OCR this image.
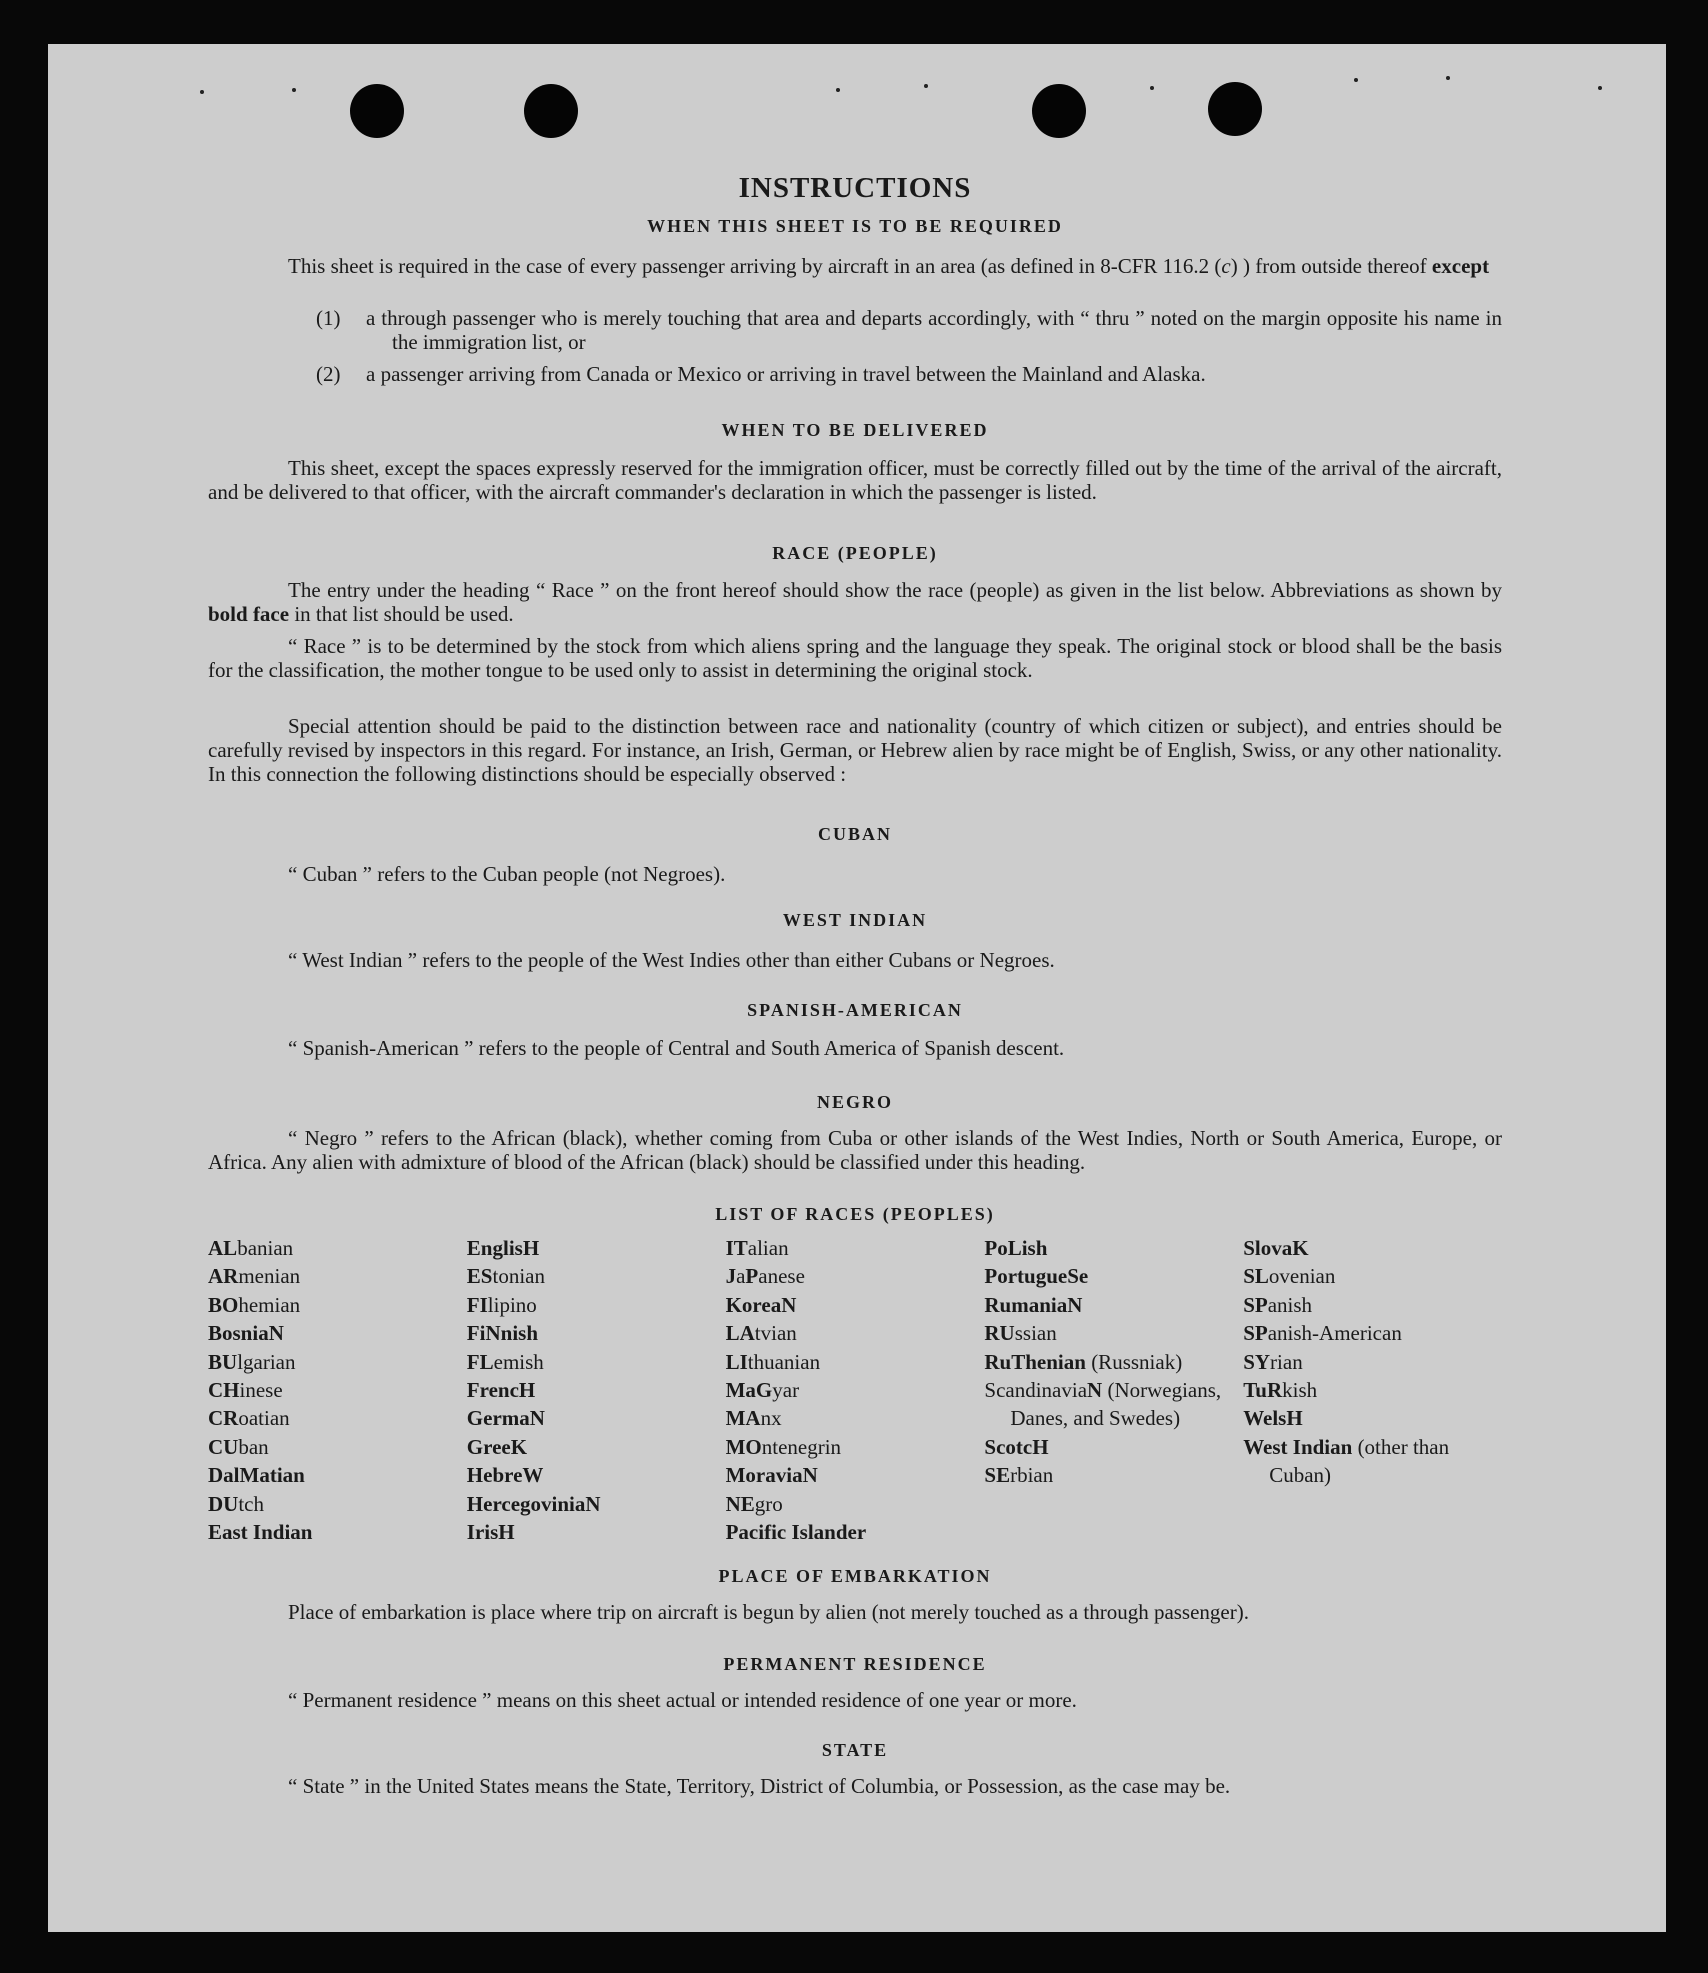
INSTRUCTIONS
WHEN THIS SHEET IS TO BE REQUIRED
This sheet is required in the case of every passenger arriving by aircraft in an area (as defined in 8-CFR 116.2 (c) ) from outside thereof except
(1) a through passenger who is merely touching that area and departs accordingly, with “ thru ” noted on the margin opposite his name in the immigration list, or
(2) a passenger arriving from Canada or Mexico or arriving in travel between the Mainland and Alaska.
WHEN TO BE DELIVERED
This sheet, except the spaces expressly reserved for the immigration officer, must be correctly filled out by the time of the arrival of the aircraft, and be delivered to that officer, with the aircraft commander's declaration in which the passenger is listed.
RACE (PEOPLE)
The entry under the heading “ Race ” on the front hereof should show the race (people) as given in the list below. Abbreviations as shown by bold face in that list should be used.
“ Race ” is to be determined by the stock from which aliens spring and the language they speak. The original stock or blood shall be the basis for the classification, the mother tongue to be used only to assist in determining the original stock.
Special attention should be paid to the distinction between race and nationality (country of which citizen or subject), and entries should be carefully revised by inspectors in this regard. For instance, an Irish, German, or Hebrew alien by race might be of English, Swiss, or any other nationality. In this connection the following distinctions should be especially observed :
CUBAN
“ Cuban ” refers to the Cuban people (not Negroes).
WEST INDIAN
“ West Indian ” refers to the people of the West Indies other than either Cubans or Negroes.
SPANISH-AMERICAN
“ Spanish-American ” refers to the people of Central and South America of Spanish descent.
NEGRO
“ Negro ” refers to the African (black), whether coming from Cuba or other islands of the West Indies, North or South America, Europe, or Africa. Any alien with admixture of blood of the African (black) should be classified under this heading.
LIST OF RACES (PEOPLES)
ALbanian
ARmenian
BOhemian
BosniaN
BUlgarian
CHinese
CRoatian
CUban
DalMatian
DUtch
East Indian
EnglisH
EStonian
FIlipino
FiNnish
FLemish
FrencH
GermaN
GreeK
HebreW
HercegoviniaN
IrisH
ITalian
JaPanese
KoreaN
LAtvian
LIthuanian
MaGyar
MAnx
MOntenegrin
MoraviaN
NEgro
Pacific Islander
PoLish
PortugueSe
RumaniaN
RUssian
RuThenian (Russniak)
ScandinaviaN (Norwegians, Danes, and Swedes)
ScotcH
SErbian
SlovaK
SLovenian
SPanish
SPanish-American
SYrian
TuRkish
WelsH
West Indian (other than Cuban)
PLACE OF EMBARKATION
Place of embarkation is place where trip on aircraft is begun by alien (not merely touched as a through passenger).
PERMANENT RESIDENCE
“ Permanent residence ” means on this sheet actual or intended residence of one year or more.
STATE
“ State ” in the United States means the State, Territory, District of Columbia, or Possession, as the case may be.
